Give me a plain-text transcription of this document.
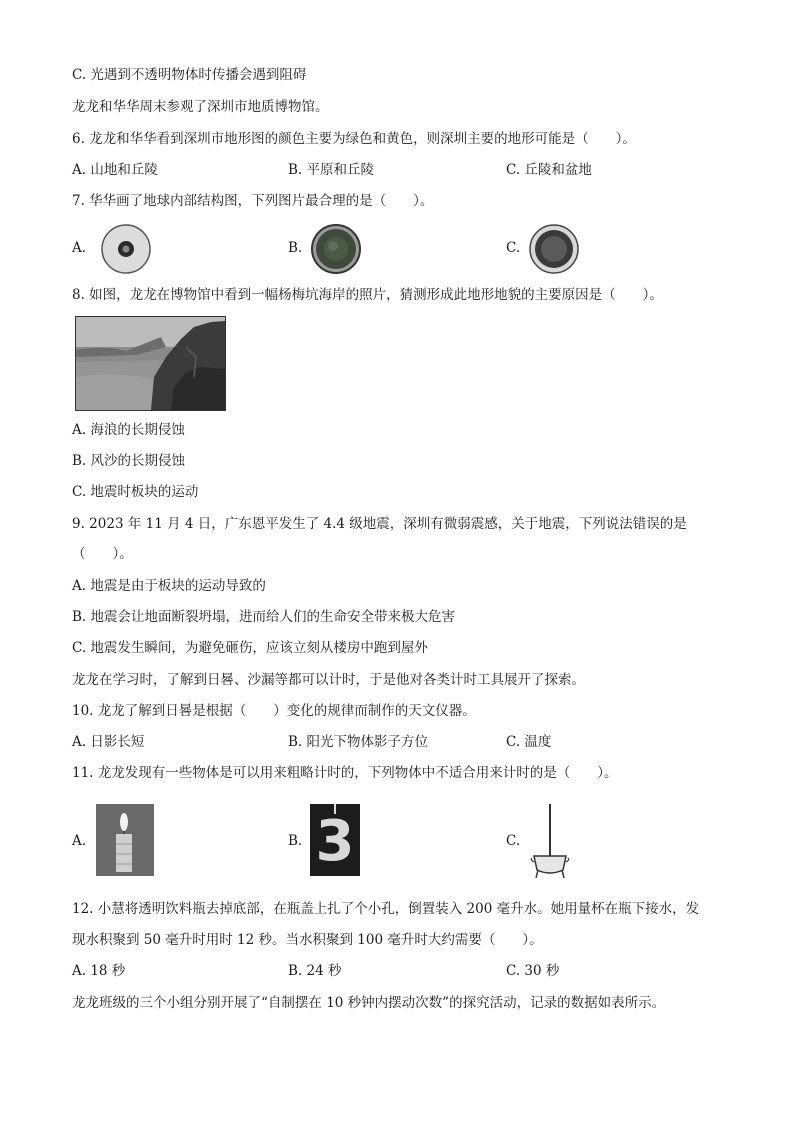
C. 光遇到不透明物体时传播会遇到阻碍
龙龙和华华周末参观了深圳市地质博物馆。
6. 龙龙和华华看到深圳市地形图的颜色主要为绿色和黄色，则深圳主要的地形可能是（　　）。
A. 山地和丘陵	B. 平原和丘陵	C. 丘陵和盆地
7. 华华画了地球内部结构图，下列图片最合理的是（　　）。
A.	B.	C.
8. 如图，龙龙在博物馆中看到一幅杨梅坑海岸的照片，猜测形成此地形地貌的主要原因是（　　）。
A. 海浪的长期侵蚀
B. 风沙的长期侵蚀
C. 地震时板块的运动
9. 2023 年 11 月 4 日，广东恩平发生了 4.4 级地震，深圳有微弱震感，关于地震，下列说法错误的是
（　　）。
A. 地震是由于板块的运动导致的
B. 地震会让地面断裂坍塌，进而给人们的生命安全带来极大危害
C. 地震发生瞬间，为避免砸伤，应该立刻从楼房中跑到屋外
龙龙在学习时，了解到日晷、沙漏等都可以计时，于是他对各类计时工具展开了探索。
10. 龙龙了解到日晷是根据（　　）变化的规律而制作的天文仪器。
A. 日影长短	B. 阳光下物体影子方位	C. 温度
11. 龙龙发现有一些物体是可以用来粗略计时的，下列物体中不适合用来计时的是（　　）。
A.	B. 3	C.
12. 小慧将透明饮料瓶去掉底部，在瓶盖上扎了个小孔，倒置装入 200 毫升水。她用量杯在瓶下接水，发
现水积聚到 50 毫升时用时 12 秒。当水积聚到 100 毫升时大约需要（　　）。
A. 18 秒	B. 24 秒	C. 30 秒
龙龙班级的三个小组分别开展了“自制摆在 10 秒钟内摆动次数”的探究活动，记录的数据如表所示。
